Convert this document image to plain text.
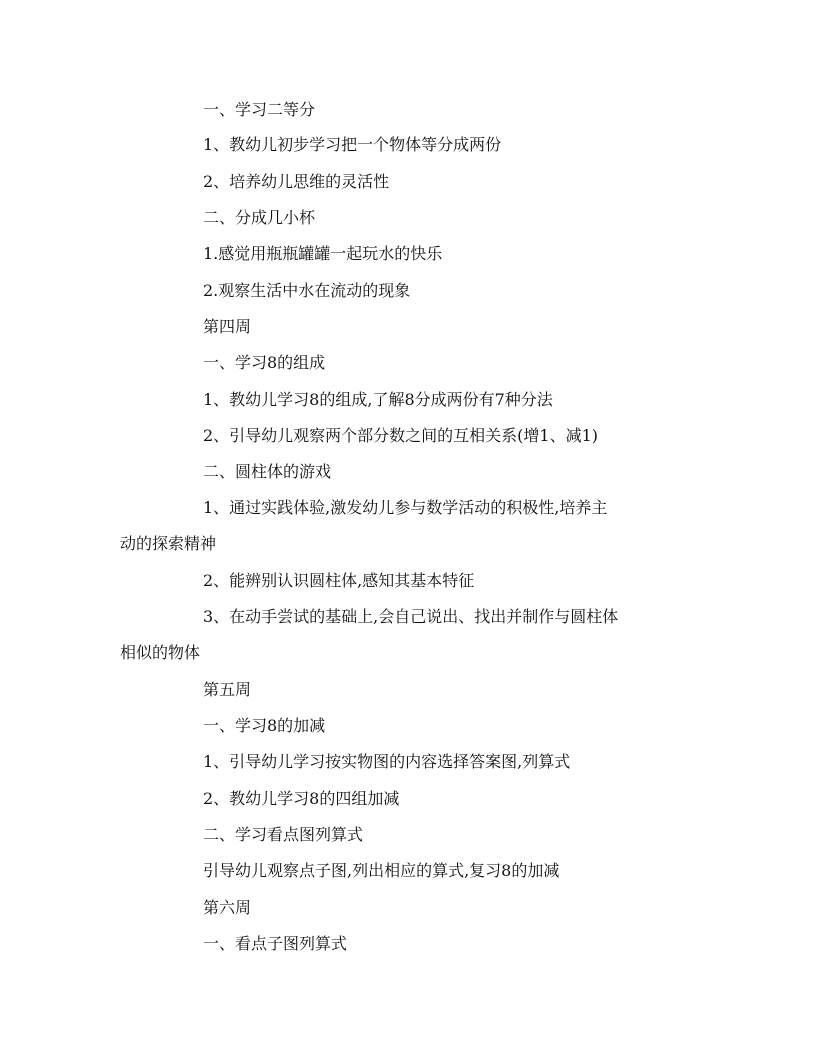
一、学习二等分
1、教幼儿初步学习把一个物体等分成两份
2、培养幼儿思维的灵活性
二、分成几小杯
1.感觉用瓶瓶罐罐一起玩水的快乐
2.观察生活中水在流动的现象
第四周
一、学习8的组成
1、教幼儿学习8的组成,了解8分成两份有7种分法
2、引导幼儿观察两个部分数之间的互相关系(增1、减1)
二、圆柱体的游戏
1、通过实践体验,激发幼儿参与数学活动的积极性,培养主
动的探索精神
2、能辨别认识圆柱体,感知其基本特征
3、在动手尝试的基础上,会自己说出、找出并制作与圆柱体
相似的物体
第五周
一、学习8的加减
1、引导幼儿学习按实物图的内容选择答案图,列算式
2、教幼儿学习8的四组加减
二、学习看点图列算式
引导幼儿观察点子图,列出相应的算式,复习8的加减
第六周
一、看点子图列算式
